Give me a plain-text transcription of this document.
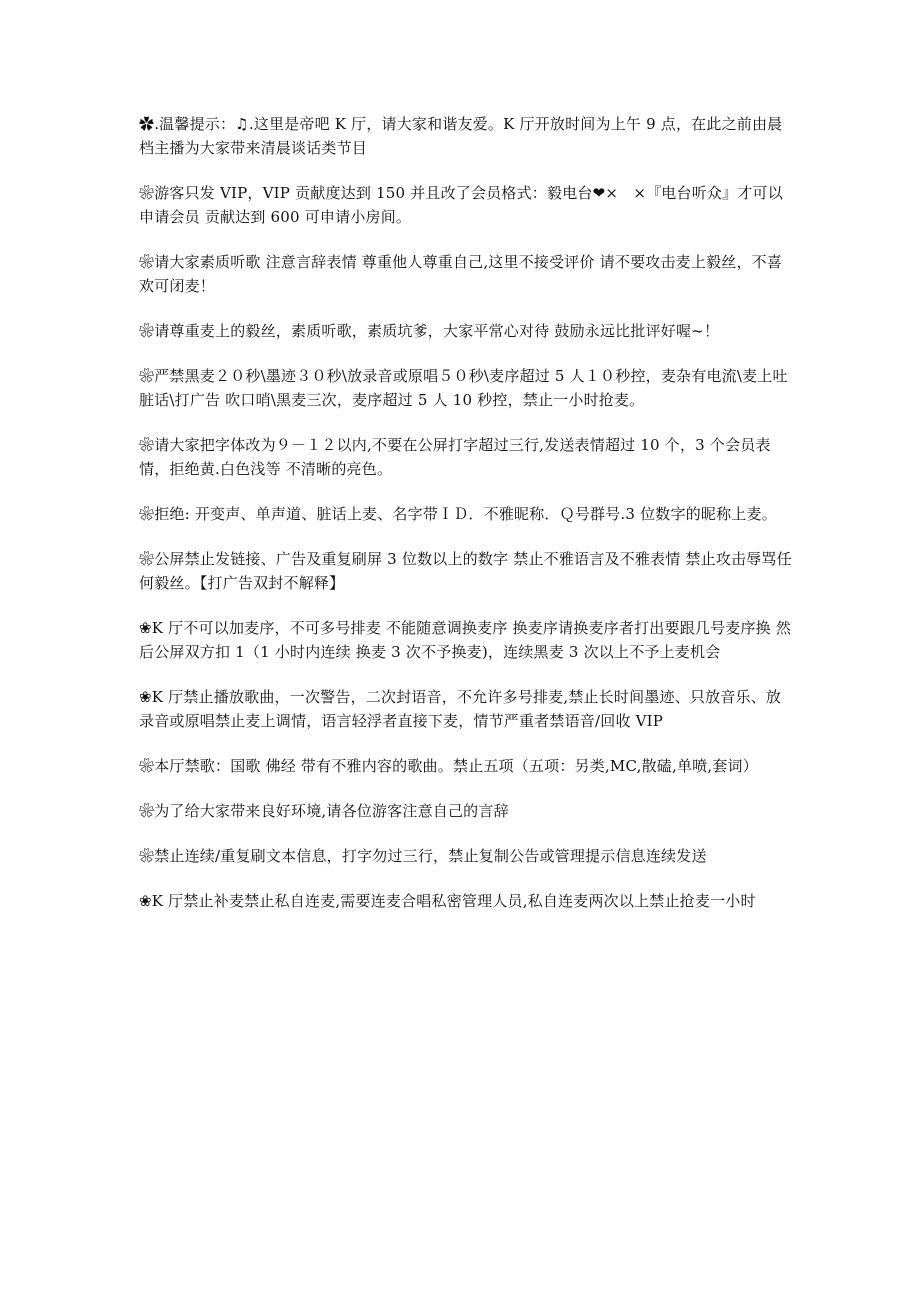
✿.温馨提示：♫.这里是帝吧 K 厅，请大家和谐友爱。K 厅开放时间为上午 9 点，在此之前由晨档主播为大家带来清晨谈话类节目

❀游客只发 VIP，VIP 贡献度达到 150 并且改了会员格式：毅电台❤×　×『电台听众』才可以申请会员 贡献达到 600 可申请小房间。

❀请大家素质听歌 注意言辞表情 尊重他人尊重自己,这里不接受评价 请不要攻击麦上毅丝，不喜欢可闭麦！

❀请尊重麦上的毅丝，素质听歌，素质坑爹，大家平常心对待 鼓励永远比批评好喔~！

❀严禁黑麦２０秒\墨迹３０秒\放录音或原唱５０秒\麦序超过 5 人１０秒控，麦杂有电流\麦上吐脏话\打广告 吹口哨\黑麦三次，麦序超过 5 人 10 秒控，禁止一小时抢麦。

❀请大家把字体改为９－１２以内,不要在公屏打字超过三行,发送表情超过 10 个，3 个会员表情，拒绝黄.白色浅等 不清晰的亮色。

❀拒绝: 开变声、单声道、脏话上麦、名字带ＩＤ．不雅昵称．Ｑ号群号.3 位数字的昵称上麦。

❀公屏禁止发链接、广告及重复刷屏 3 位数以上的数字 禁止不雅语言及不雅表情 禁止攻击辱骂任何毅丝。【打广告双封不解释】

❀K 厅不可以加麦序，不可多号排麦 不能随意调换麦序 换麦序请换麦序者打出要跟几号麦序换 然后公屏双方扣 1（1 小时内连续 换麦 3 次不予换麦)，连续黑麦 3 次以上不予上麦机会

❀K 厅禁止播放歌曲，一次警告，二次封语音，不允许多号排麦,禁止长时间墨迹、只放音乐、放录音或原唱禁止麦上调情，语言轻浮者直接下麦，情节严重者禁语音/回收 VIP

❀本厅禁歌：国歌 佛经 带有不雅内容的歌曲。禁止五项（五项：另类,MC,散磕,单喷,套词）

❀为了给大家带来良好环境,请各位游客注意自己的言辞

❀禁止连续/重复刷文本信息，打字勿过三行，禁止复制公告或管理提示信息连续发送

❀K 厅禁止补麦禁止私自连麦,需要连麦合唱私密管理人员,私自连麦两次以上禁止抢麦一小时
